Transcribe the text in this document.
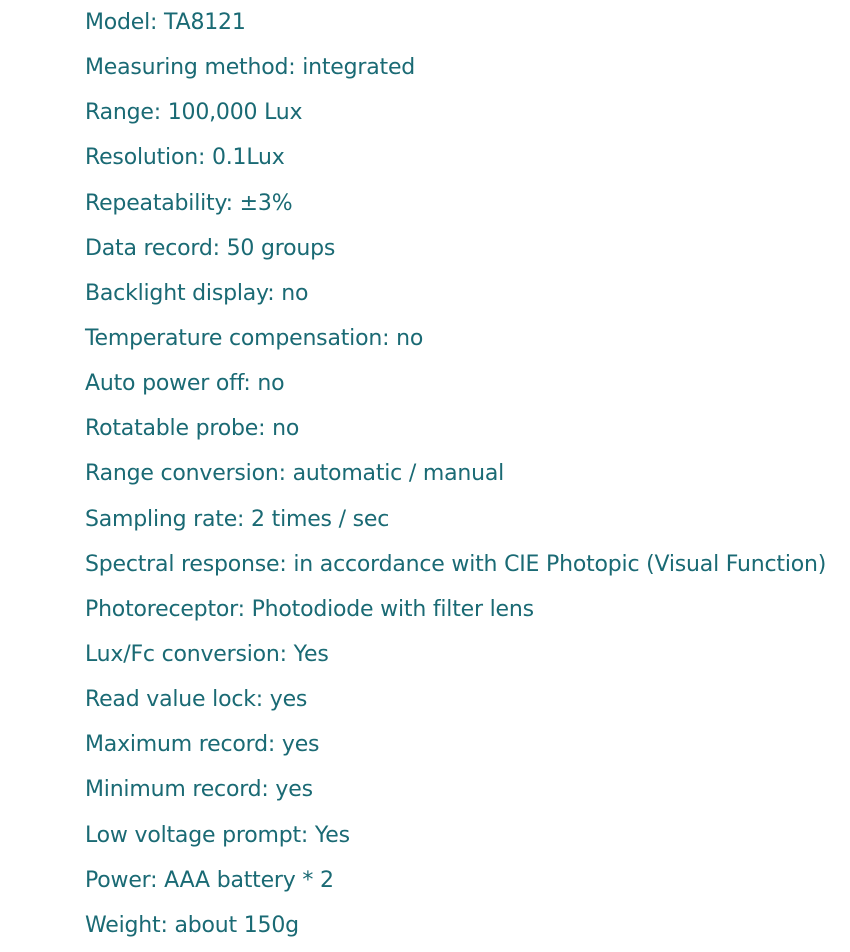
Model: TA8121
Measuring method: integrated
Range: 100,000 Lux
Resolution: 0.1Lux
Repeatability: ±3%
Data record: 50 groups
Backlight display: no
Temperature compensation: no
Auto power off: no
Rotatable probe: no
Range conversion: automatic / manual
Sampling rate: 2 times / sec
Spectral response: in accordance with CIE Photopic (Visual Function)
Photoreceptor: Photodiode with filter lens
Lux/Fc conversion: Yes
Read value lock: yes
Maximum record: yes
Minimum record: yes
Low voltage prompt: Yes
Power: AAA battery * 2
Weight: about 150g
